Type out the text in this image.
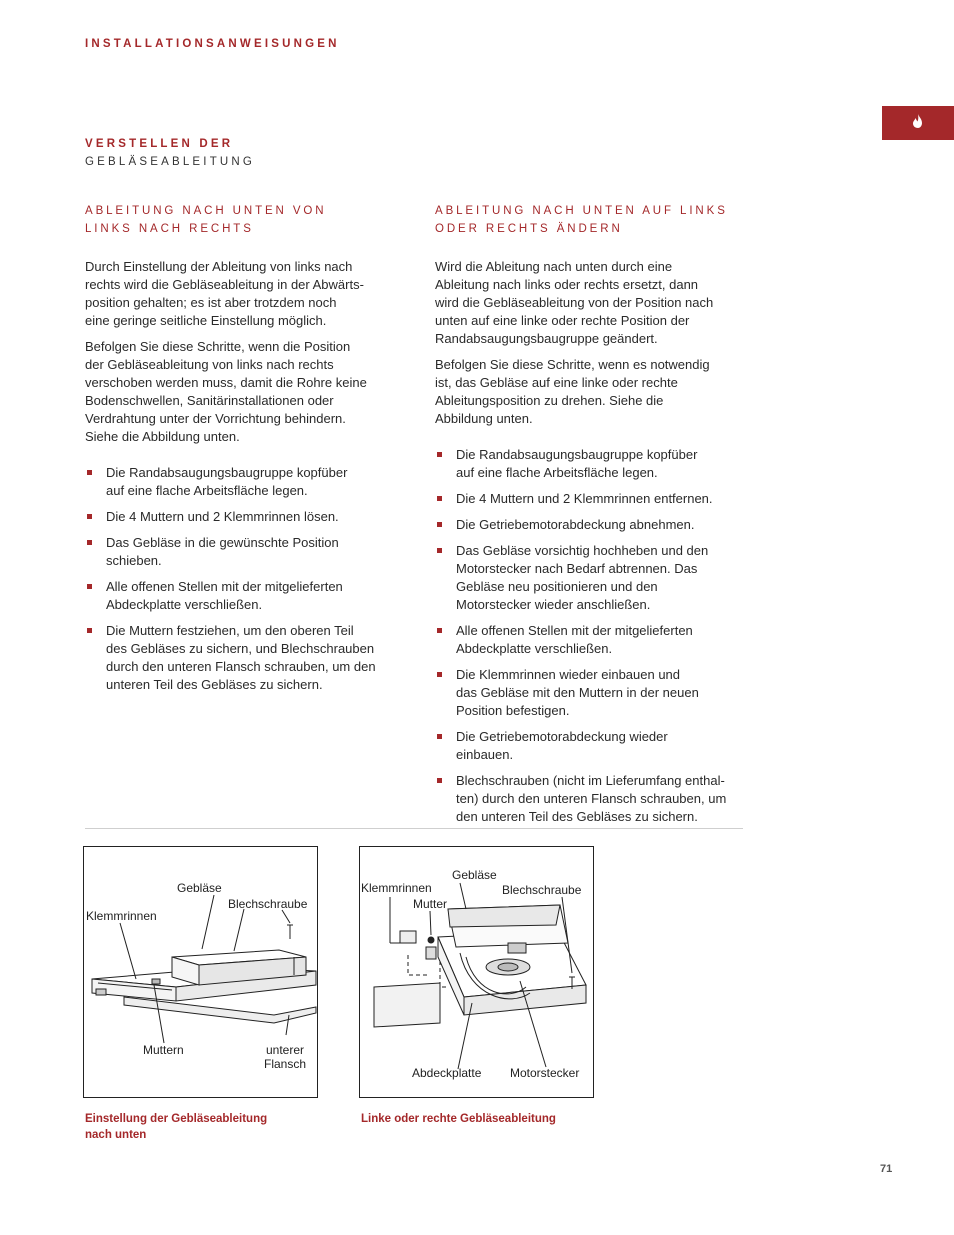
INSTALLATIONSANWEISUNGEN
VERSTELLEN DER
GEBLÄSEABLEITUNG
ABLEITUNG NACH UNTEN VON
LINKS NACH RECHTS

Durch Einstellung der Ableitung von links nach
rechts wird die Gebläseableitung in der Abwärts-
position gehalten; es ist aber trotzdem noch
eine geringe seitliche Einstellung möglich.

Befolgen Sie diese Schritte, wenn die Position
der Gebläseableitung von links nach rechts
verschoben werden muss, damit die Rohre keine
Bodenschwellen, Sanitärinstallationen oder
Verdrahtung unter der Vorrichtung behindern.
Siehe die Abbildung unten.

Die Randabsaugungsbaugruppe kopfüber
auf eine flache Arbeitsfläche legen.
Die 4 Muttern und 2 Klemmrinnen lösen.
Das Gebläse in die gewünschte Position
schieben.
Alle offenen Stellen mit der mitgelieferten
Abdeckplatte verschließen.
Die Muttern festziehen, um den oberen Teil
des Gebläses zu sichern, und Blechschrauben
durch den unteren Flansch schrauben, um den
unteren Teil des Gebläses zu sichern.
ABLEITUNG NACH UNTEN AUF LINKS
ODER RECHTS ÄNDERN

Wird die Ableitung nach unten durch eine
Ableitung nach links oder rechts ersetzt, dann
wird die Gebläseableitung von der Position nach
unten auf eine linke oder rechte Position der
Randabsaugungsbaugruppe geändert.

Befolgen Sie diese Schritte, wenn es notwendig
ist, das Gebläse auf eine linke oder rechte
Ableitungsposition zu drehen. Siehe die
Abbildung unten.

Die Randabsaugungsbaugruppe kopfüber
auf eine flache Arbeitsfläche legen.
Die 4 Muttern und 2 Klemmrinnen entfernen.
Die Getriebemotorabdeckung abnehmen.
Das Gebläse vorsichtig hochheben und den
Motorstecker nach Bedarf abtrennen. Das
Gebläse neu positionieren und den
Motorstecker wieder anschließen.
Alle offenen Stellen mit der mitgelieferten
Abdeckplatte verschließen.
Die Klemmrinnen wieder einbauen und
das Gebläse mit den Muttern in der neuen
Position befestigen.
Die Getriebemotorabdeckung wieder
einbauen.
Blechschrauben (nicht im Lieferumfang enthal-
ten) durch den unteren Flansch schrauben, um
den unteren Teil des Gebläses zu sichern.
Gebläse
Blechschraube
Klemmrinnen
Muttern	unterer
Flansch
Einstellung der Gebläseableitung
nach unten
Gebläse
Klemmrinnen	Blechschraube
Mutter
Abdeckplatte Motorstecker
Linke oder rechte Gebläseableitung
71
